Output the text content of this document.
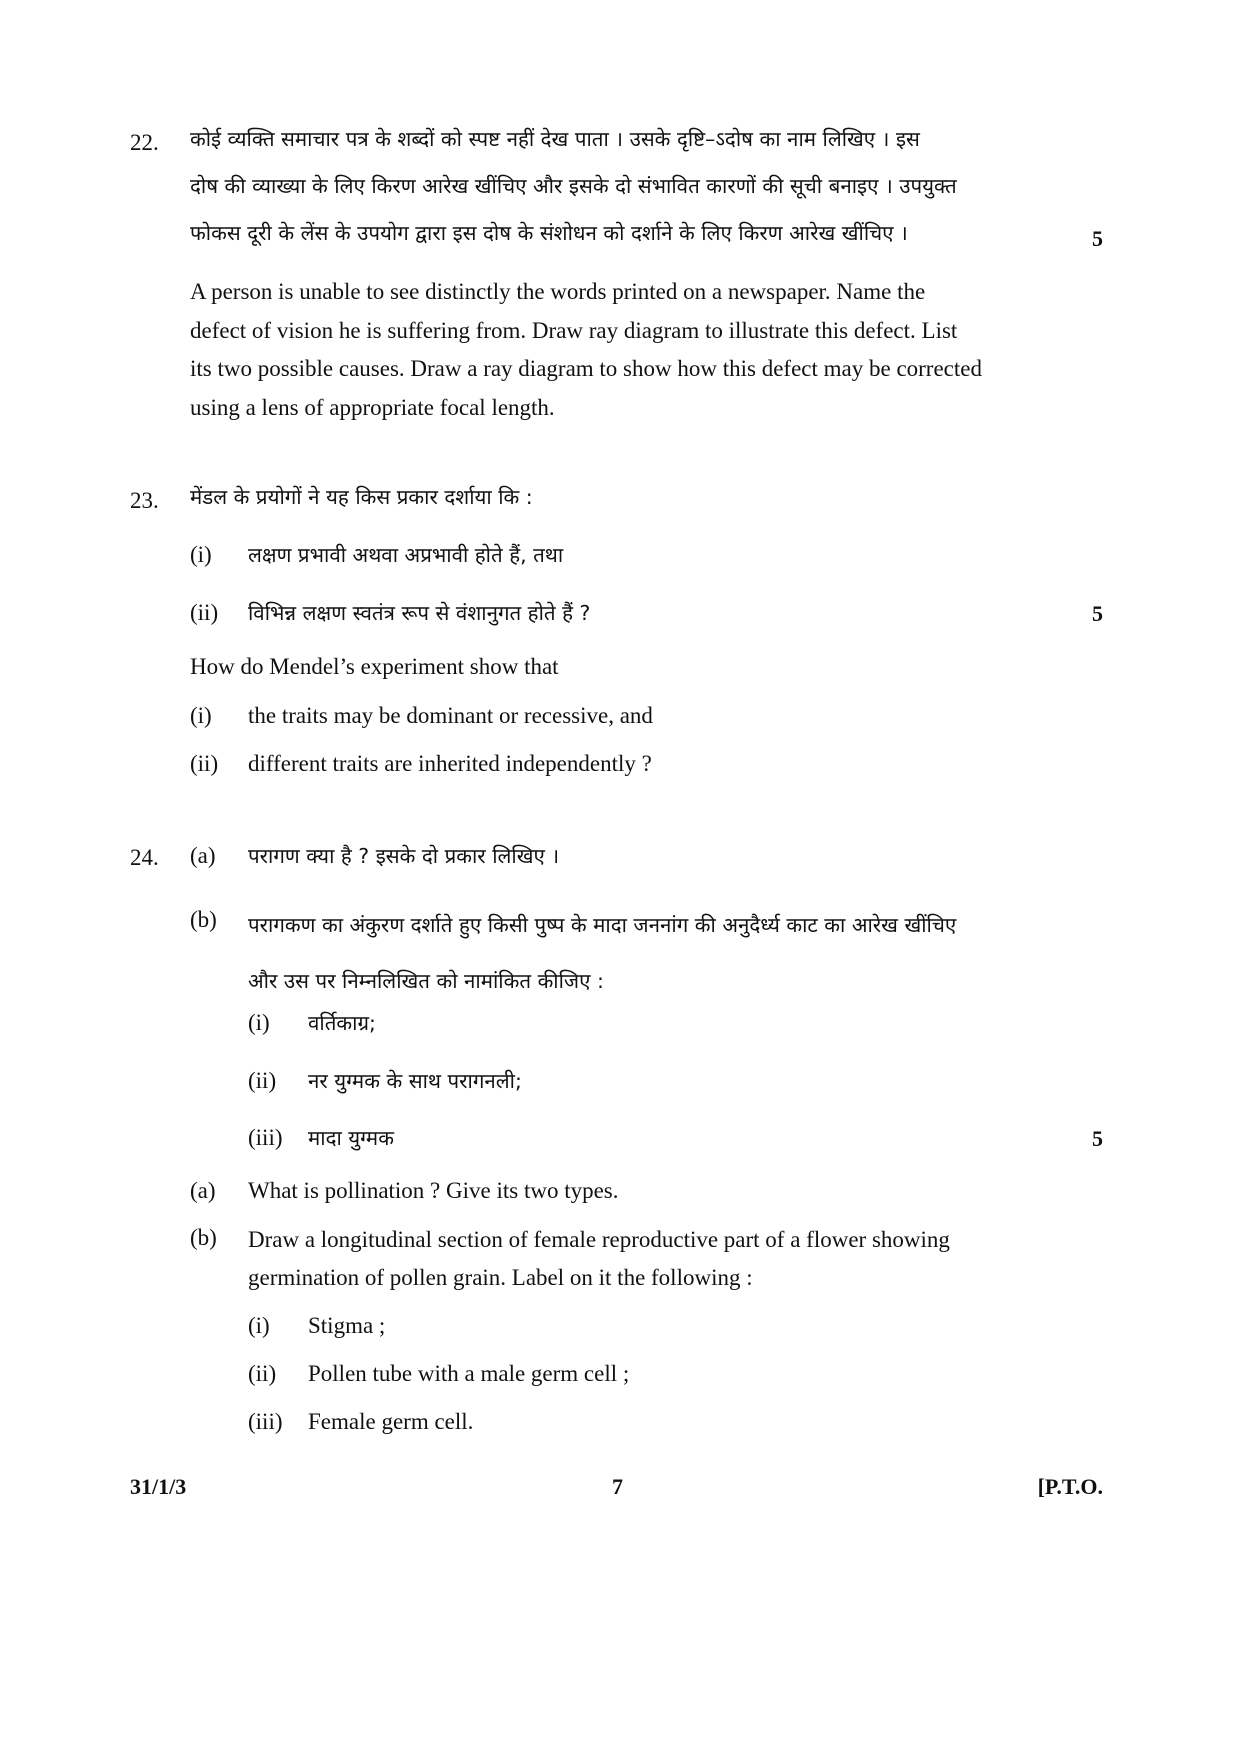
22. कोई व्यक्ति समाचार पत्र के शब्दों को स्पष्ट नहीं देख पाता । उसके दृष्टि–ऽदोष का नाम लिखिए । इस
दोष की व्याख्या के लिए किरण आरेख खींचिए और इसके दो संभावित कारणों की सूची बनाइए । उपयुक्त
फोकस दूरी के लेंस के उपयोग द्वारा इस दोष के संशोधन को दर्शाने के लिए किरण आरेख खींचिए ।	5
A person is unable to see distinctly the words printed on a newspaper. Name the
defect of vision he is suffering from. Draw ray diagram to illustrate this defect. List
its two possible causes. Draw a ray diagram to show how this defect may be corrected
using a lens of appropriate focal length.
23. मेंडल के प्रयोगों ने यह किस प्रकार दर्शाया कि :
(i)	लक्षण प्रभावी अथवा अप्रभावी होते हैं, तथा
(ii)	विभिन्न लक्षण स्वतंत्र रूप से वंशानुगत होते हैं ?	5
How do Mendel’s experiment show that
(i)	the traits may be dominant or recessive, and
(ii)	different traits are inherited independently ?
24. (a)	परागण क्या है ? इसके दो प्रकार लिखिए ।
(b)	परागकण का अंकुरण दर्शाते हुए किसी पुष्प के मादा जननांग की अनुदैर्ध्य काट का आरेख खींचिए
और उस पर निम्नलिखित को नामांकित कीजिए :
(i)	वर्तिकाग्र;
(ii)	नर युग्मक के साथ परागनली;
(iii)	मादा युग्मक	5
(a)	What is pollination ? Give its two types.
(b)	Draw a longitudinal section of female reproductive part of a flower showing
germination of pollen grain. Label on it the following :
(i)	Stigma ;
(ii)	Pollen tube with a male germ cell ;
(iii)	Female germ cell.
31/1/3	7	[P.T.O.
